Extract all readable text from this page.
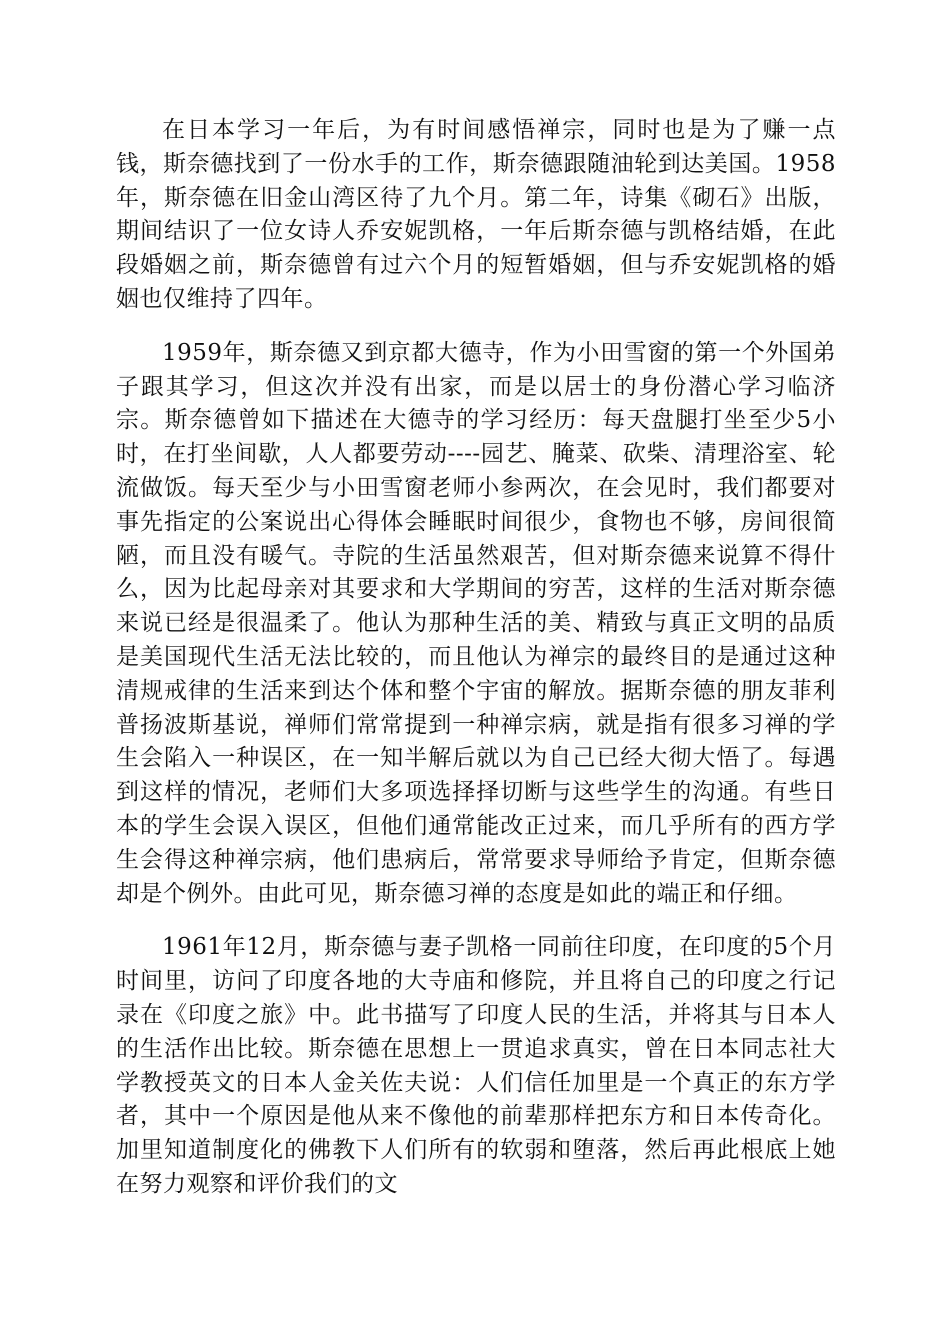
在日本学习一年后，为有时间感悟禅宗，同时也是为了赚一点钱，斯奈德找到了一份水手的工作，斯奈德跟随油轮到达美国。1958年，斯奈德在旧金山湾区待了九个月。第二年，诗集《砌石》出版，期间结识了一位女诗人乔安妮凯格，一年后斯奈德与凯格结婚，在此段婚姻之前，斯奈德曾有过六个月的短暂婚姻，但与乔安妮凯格的婚姻也仅维持了四年。

1959年，斯奈德又到京都大德寺，作为小田雪窗的第一个外国弟子跟其学习，但这次并没有出家，而是以居士的身份潜心学习临济宗。斯奈德曾如下描述在大德寺的学习经历：每天盘腿打坐至少5小时，在打坐间歇，人人都要劳动----园艺、腌菜、砍柴、清理浴室、轮流做饭。每天至少与小田雪窗老师小参两次，在会见时，我们都要对事先指定的公案说出心得体会睡眠时间很少，食物也不够，房间很简陋，而且没有暖气。寺院的生活虽然艰苦，但对斯奈德来说算不得什么，因为比起母亲对其要求和大学期间的穷苦，这样的生活对斯奈德来说已经是很温柔了。他认为那种生活的美、精致与真正文明的品质是美国现代生活无法比较的，而且他认为禅宗的最终目的是通过这种清规戒律的生活来到达个体和整个宇宙的解放。据斯奈德的朋友菲利普扬波斯基说，禅师们常常提到一种禅宗病，就是指有很多习禅的学生会陷入一种误区，在一知半解后就以为自己已经大彻大悟了。每遇到这样的情况，老师们大多项选择择切断与这些学生的沟通。有些日本的学生会误入误区，但他们通常能改正过来，而几乎所有的西方学生会得这种禅宗病，他们患病后，常常要求导师给予肯定，但斯奈德却是个例外。由此可见，斯奈德习禅的态度是如此的端正和仔细。

1961年12月，斯奈德与妻子凯格一同前往印度，在印度的5个月时间里，访问了印度各地的大寺庙和修院，并且将自己的印度之行记录在《印度之旅》中。此书描写了印度人民的生活，并将其与日本人的生活作出比较。斯奈德在思想上一贯追求真实，曾在日本同志社大学教授英文的日本人金关佐夫说：人们信任加里是一个真正的东方学者，其中一个原因是他从来不像他的前辈那样把东方和日本传奇化。加里知道制度化的佛教下人们所有的软弱和堕落，然后再此根底上她在努力观察和评价我们的文
